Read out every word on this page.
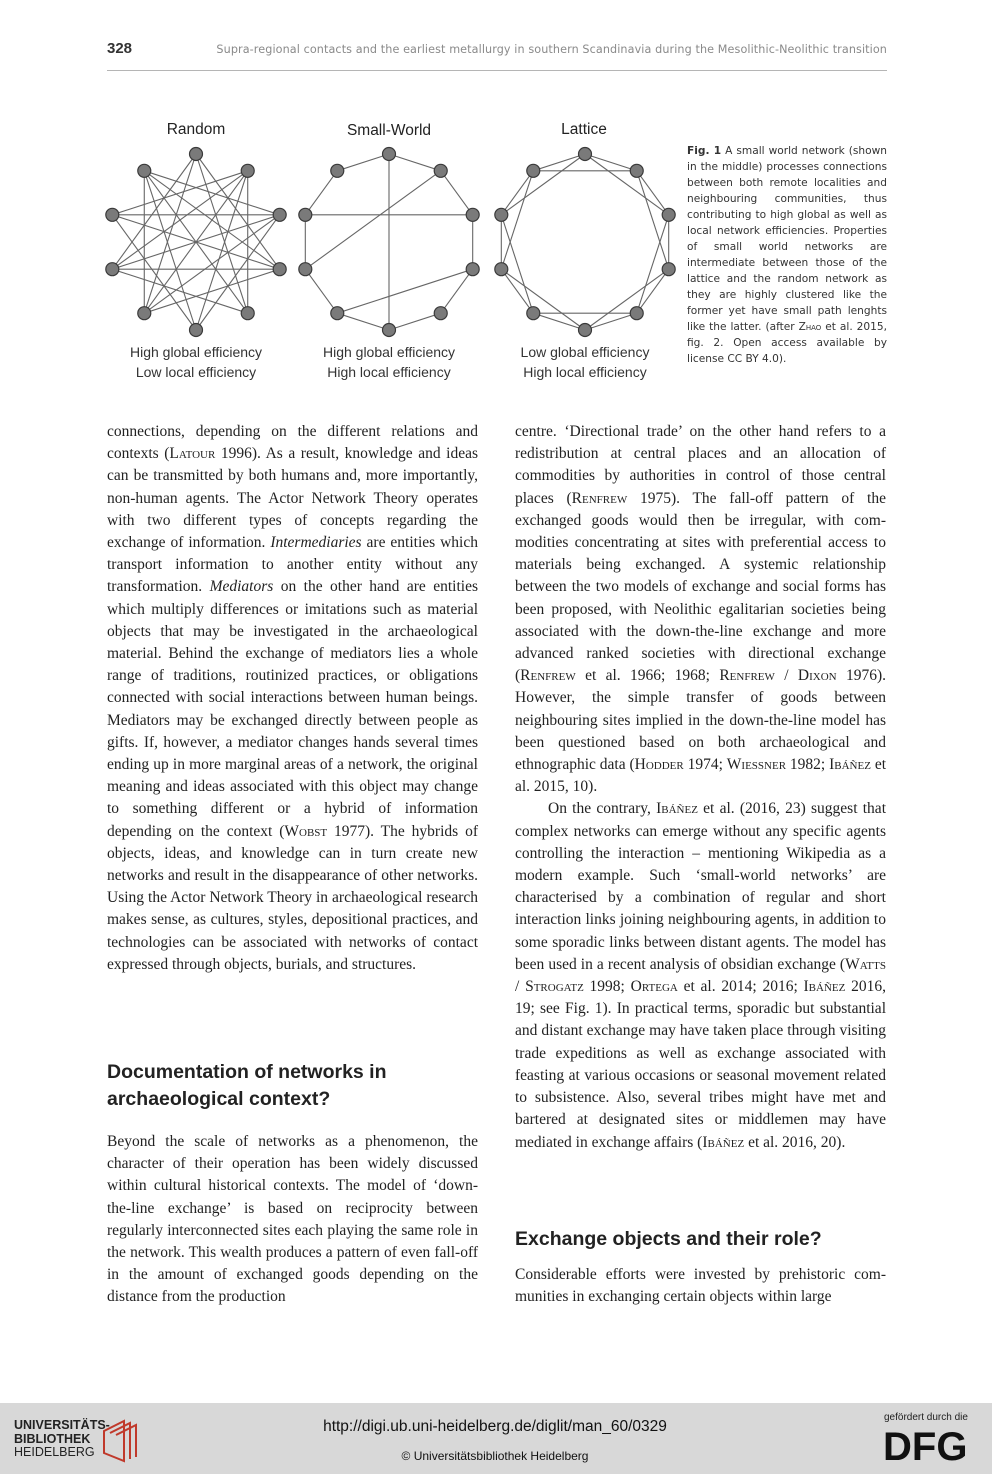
328	Supra-regional contacts and the earliest metallurgy in southern Scandinavia during the Mesolithic-Neolithic transition
Random	Small-World	Lattice
High global efficiency
Low local efficiency
High global efficiency
High local efficiency
Low global efficiency
High local efficiency
Fig. 1 A small world network (shown in the middle) processes connections between both remote localities and neighbouring communities, thus contributing to high global as well as local network efficiencies. Properties of small world networks are intermediate between those of the lattice and the random network as they are highly clustered like the former yet have small path lenghts like the latter. (after Zhao et al. 2015, fig. 2. Open access available by license CC BY 4.0).

connections, depending on the different relations and contexts (Latour 1996). As a result, knowledge and ideas can be transmitted by both humans and, more importantly, non-human agents. The Actor Network Theory operates with two different types of concepts regarding the exchange of information. Intermediaries are entities which transport information to another entity without any transformation. Mediators on the other hand are entities which multiply differences or imitations such as material objects that may be investigated in the archaeological material. Behind the exchange of mediators lies a whole range of traditions, routinized practices, or obligations connected with social interactions between human beings. Mediators may be exchanged directly between people as gifts. If, however, a mediator changes hands several times ending up in more marginal areas of a network, the original meaning and ideas associated with this object may change to something different or a hybrid of information depending on the context (Wobst 1977). The hybrids of objects, ideas, and knowledge can in turn create new networks and result in the disappearance of other networks. Using the Actor Network Theory in archaeological research makes sense, as cultures, styles, depositional practices, and technologies can be associated with networks of contact expressed through objects, burials, and structures.

Documentation of networks in archaeological context?

Beyond the scale of networks as a phenomenon, the character of their operation has been widely discussed within cultural historical contexts. The model of ‘down-the-line exchange’ is based on reciprocity between regularly interconnected sites each playing the same role in the network. This wealth produces a pattern of even fall-off in the amount of exchanged goods depending on the distance from the production

centre. ‘Directional trade’ on the other hand refers to a redistribution at central places and an allocation of commodities by authorities in control of those central places (Renfrew 1975). The fall-off pattern of the exchanged goods would then be irregular, with commodities concentrating at sites with preferential access to materials being exchanged. A systemic relationship between the two models of exchange and social forms has been proposed, with Neolithic egalitarian societies being associated with the down-the-line exchange and more advanced ranked societies with directional exchange (Renfrew et al. 1966; 1968; Renfrew / Dixon 1976). However, the simple transfer of goods between neighbouring sites implied in the down-the-line model has been questioned based on both archaeological and ethnographic data (Hodder 1974; Wiessner 1982; Ibáñez et al. 2015, 10).

On the contrary, Ibáñez et al. (2016, 23) suggest that complex networks can emerge without any specific agents controlling the interaction – mentioning Wikipedia as a modern example. Such ‘small-world networks’ are characterised by a combination of regular and short interaction links joining neighbouring agents, in addition to some sporadic links between distant agents. The model has been used in a recent analysis of obsidian exchange (Watts / Strogatz 1998; Ortega et al. 2014; 2016; Ibáñez 2016, 19; see Fig. 1). In practical terms, sporadic but substantial and distant exchange may have taken place through visiting trade expeditions as well as exchange associated with feasting at various occasions or seasonal movement related to subsistence. Also, several tribes might have met and bartered at designated sites or middlemen may have mediated in exchange affairs (Ibáñez et al. 2016, 20).

Exchange objects and their role?

Considerable efforts were invested by prehistoric communities in exchanging certain objects within large

UNIVERSITÄTS-
BIBLIOTHEK
HEIDELBERG
http://digi.ub.uni-heidelberg.de/diglit/man_60/0329
© Universitätsbibliothek Heidelberg
gefördert durch die
DFG
